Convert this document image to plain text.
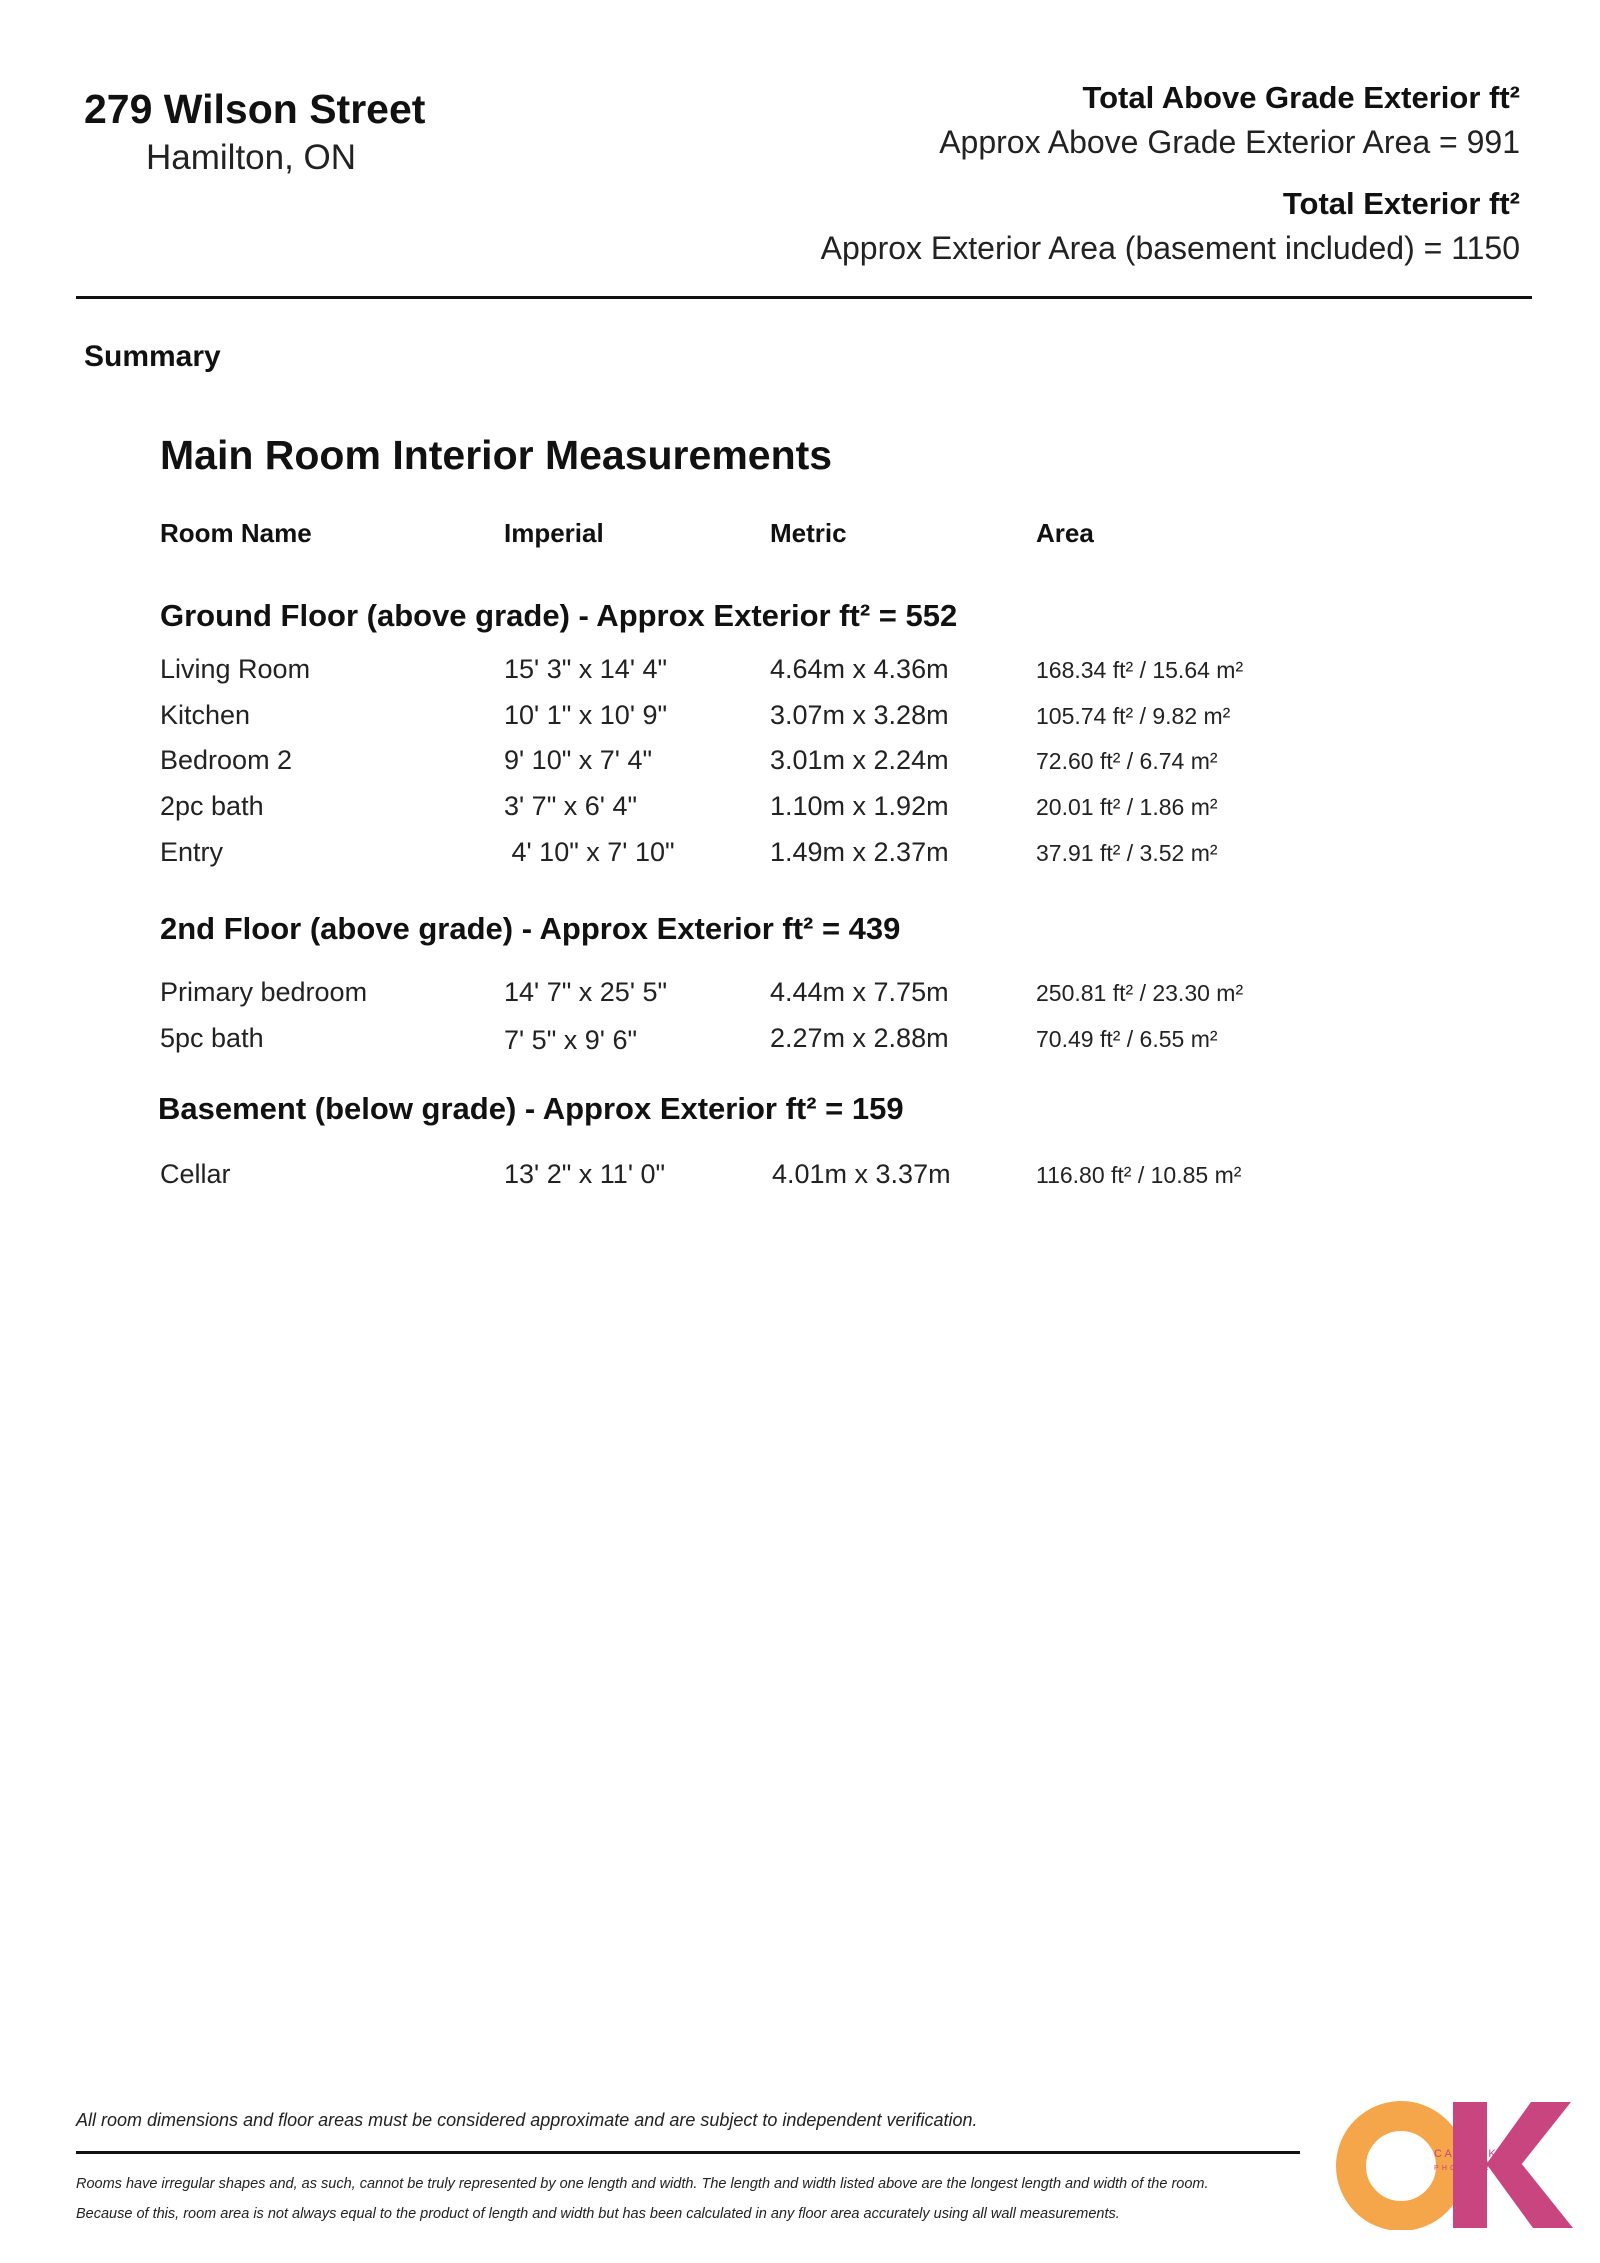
279 Wilson Street
Hamilton, ON
Total Above Grade Exterior ft²
Approx Above Grade Exterior Area = 991
Total Exterior ft²
Approx Exterior Area (basement included) = 1150
Summary
Main Room Interior Measurements
Room Name	Imperial	Metric	Area
Ground Floor (above grade) - Approx Exterior ft² = 552
Living Room	15' 3" x 14' 4"	4.64m x 4.36m	168.34 ft² / 15.64 m²
Kitchen	10' 1" x 10' 9"	3.07m x 3.28m	105.74 ft² / 9.82 m²
Bedroom 2	9' 10" x 7' 4"	3.01m x 2.24m	72.60 ft² / 6.74 m²
2pc bath	3' 7" x 6' 4"	1.10m x 1.92m	20.01 ft² / 1.86 m²
Entry	4' 10" x 7' 10"	1.49m x 2.37m	37.91 ft² / 3.52 m²
2nd Floor (above grade) - Approx Exterior ft² = 439
Primary bedroom	14' 7" x 25' 5"	4.44m x 7.75m	250.81 ft² / 23.30 m²
5pc bath	7' 5" x 9' 6"	2.27m x 2.88m	70.49 ft² / 6.55 m²
Basement (below grade) - Approx Exterior ft² = 159
Cellar	13' 2" x 11' 0"	4.01m x 3.37m	116.80 ft² / 10.85 m²
All room dimensions and floor areas must be considered approximate and are subject to independent verification.
Rooms have irregular shapes and, as such, cannot be truly represented by one length and width. The length and width listed above are the longest length and width of the room.
Because of this, room area is not always equal to the product of length and width but has been calculated in any floor area accurately using all wall measurements.
CATHY KOOP
PHOTOGRAPHY
